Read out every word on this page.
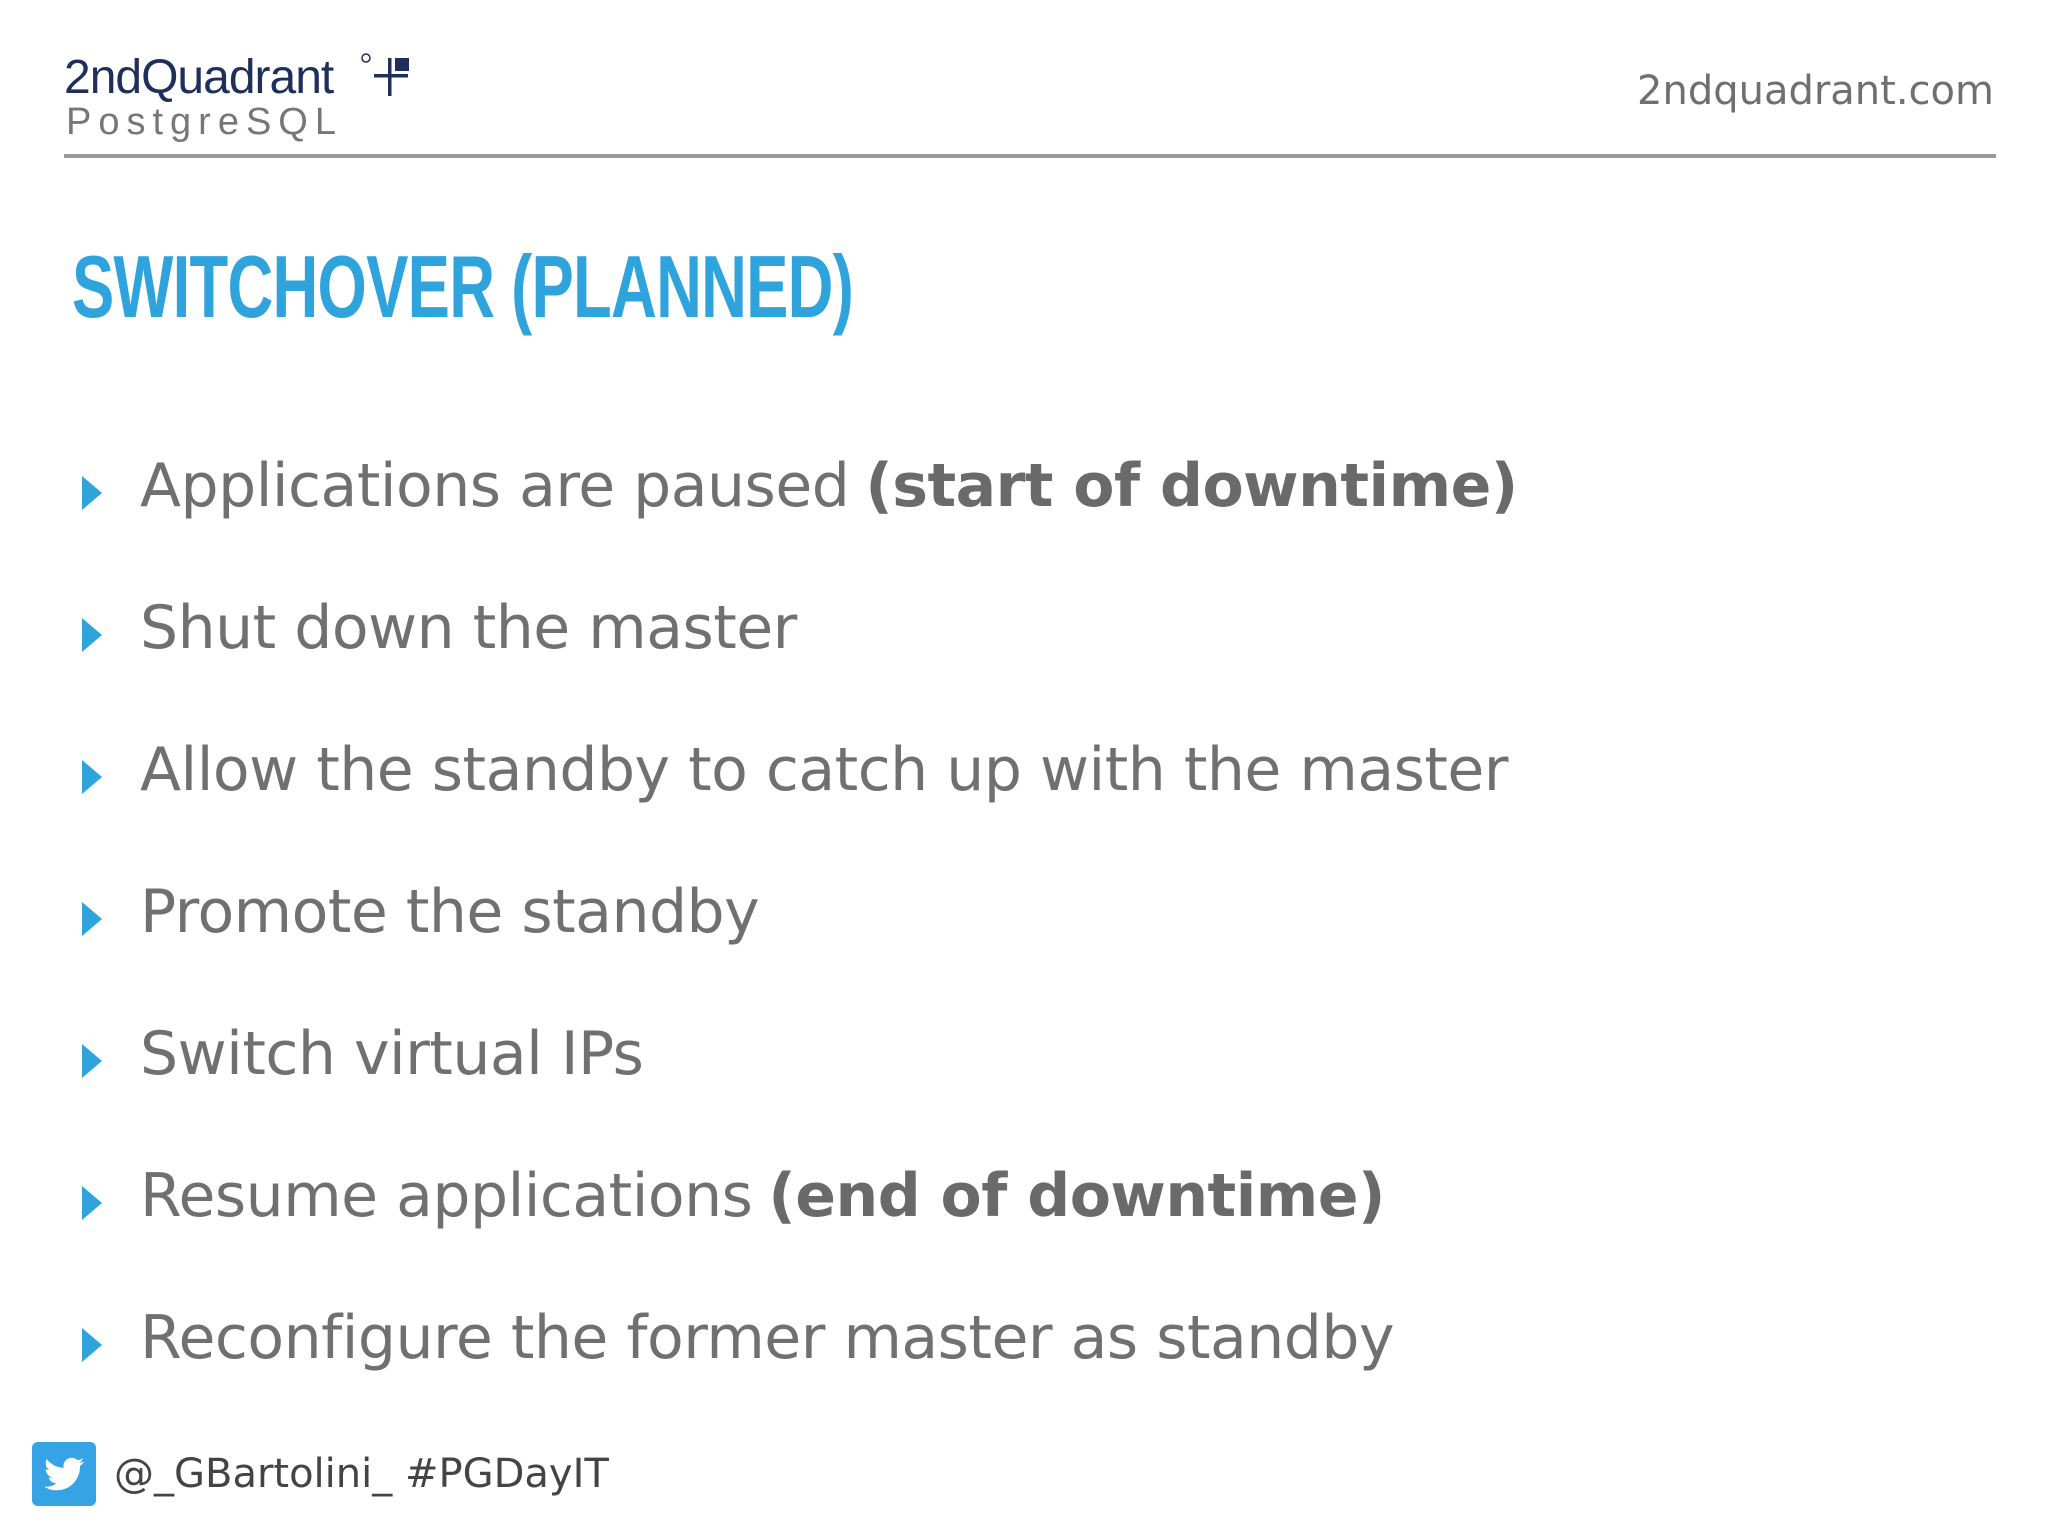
2ndQuadrant
PostgreSQL
2ndquadrant.com
SWITCHOVER (PLANNED)
Applications are paused (start of downtime)
Shut down the master
Allow the standby to catch up with the master
Promote the standby
Switch virtual IPs
Resume applications (end of downtime)
Reconfigure the former master as standby
@_GBartolini_ #PGDayIT
